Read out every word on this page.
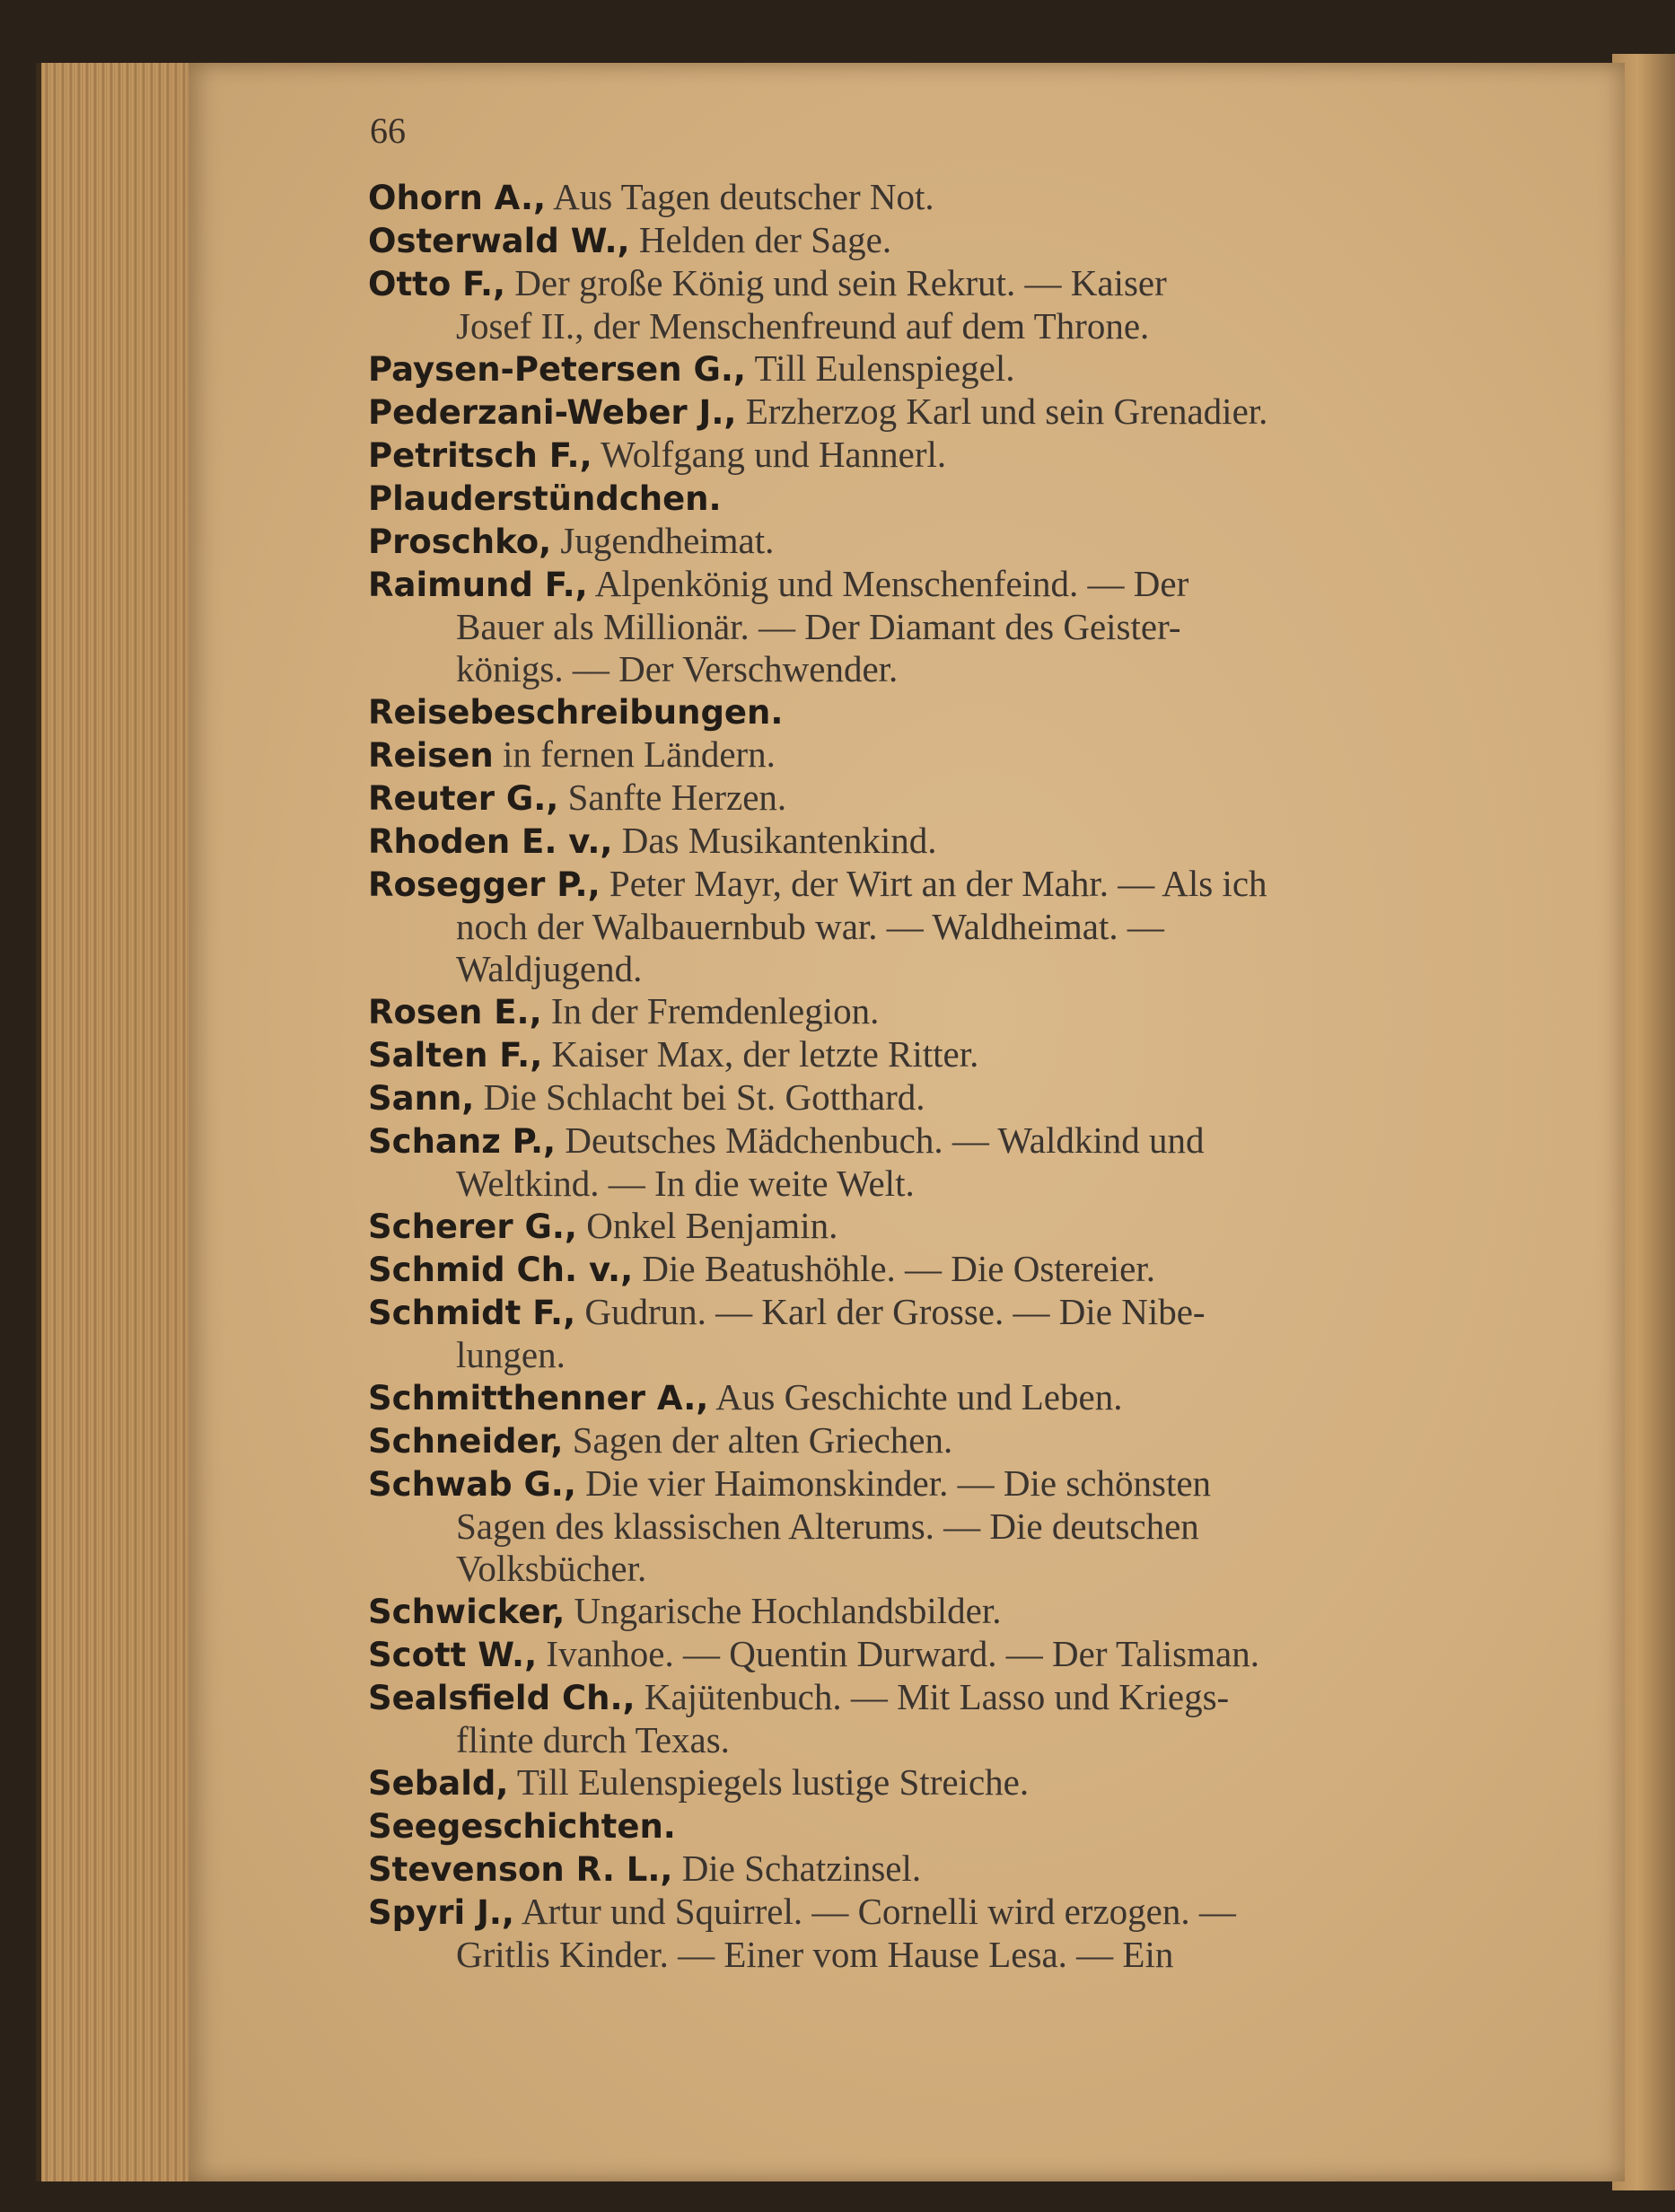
66

Ohorn A., Aus Tagen deutscher Not.

Osterwald W., Helden der Sage.

Otto F., Der große König und sein Rekrut. — Kaiser
Josef II., der Menschenfreund auf dem Throne.

Paysen-Petersen G., Till Eulenspiegel.

Pederzani-Weber J., Erzherzog Karl und sein Grenadier.

Petritsch F., Wolfgang und Hannerl.

Plauderstündchen.

Proschko, Jugendheimat.

Raimund F., Alpenkönig und Menschenfeind. — Der
Bauer als Millionär. — Der Diamant des Geister-
königs. — Der Verschwender.

Reisebeschreibungen.

Reisen in fernen Ländern.

Reuter G., Sanfte Herzen.

Rhoden E. v., Das Musikantenkind.

Rosegger P., Peter Mayr, der Wirt an der Mahr. — Als ich
noch der Walbauernbub war. — Waldheimat. —
Waldjugend.

Rosen E., In der Fremdenlegion.

Salten F., Kaiser Max, der letzte Ritter.

Sann, Die Schlacht bei St. Gotthard.

Schanz P., Deutsches Mädchenbuch. — Waldkind und
Weltkind. — In die weite Welt.

Scherer G., Onkel Benjamin.

Schmid Ch. v., Die Beatushöhle. — Die Ostereier.

Schmidt F., Gudrun. — Karl der Grosse. — Die Nibe-
lungen.

Schmitthenner A., Aus Geschichte und Leben.

Schneider, Sagen der alten Griechen.

Schwab G., Die vier Haimonskinder. — Die schönsten
Sagen des klassischen Alterums. — Die deutschen
Volksbücher.

Schwicker, Ungarische Hochlandsbilder.

Scott W., Ivanhoe. — Quentin Durward. — Der Talisman.

Sealsfield Ch., Kajütenbuch. — Mit Lasso und Kriegs-
flinte durch Texas.

Sebald, Till Eulenspiegels lustige Streiche.

Seegeschichten.

Stevenson R. L., Die Schatzinsel.

Spyri J., Artur und Squirrel. — Cornelli wird erzogen. —
Gritlis Kinder. — Einer vom Hause Lesa. — Ein
